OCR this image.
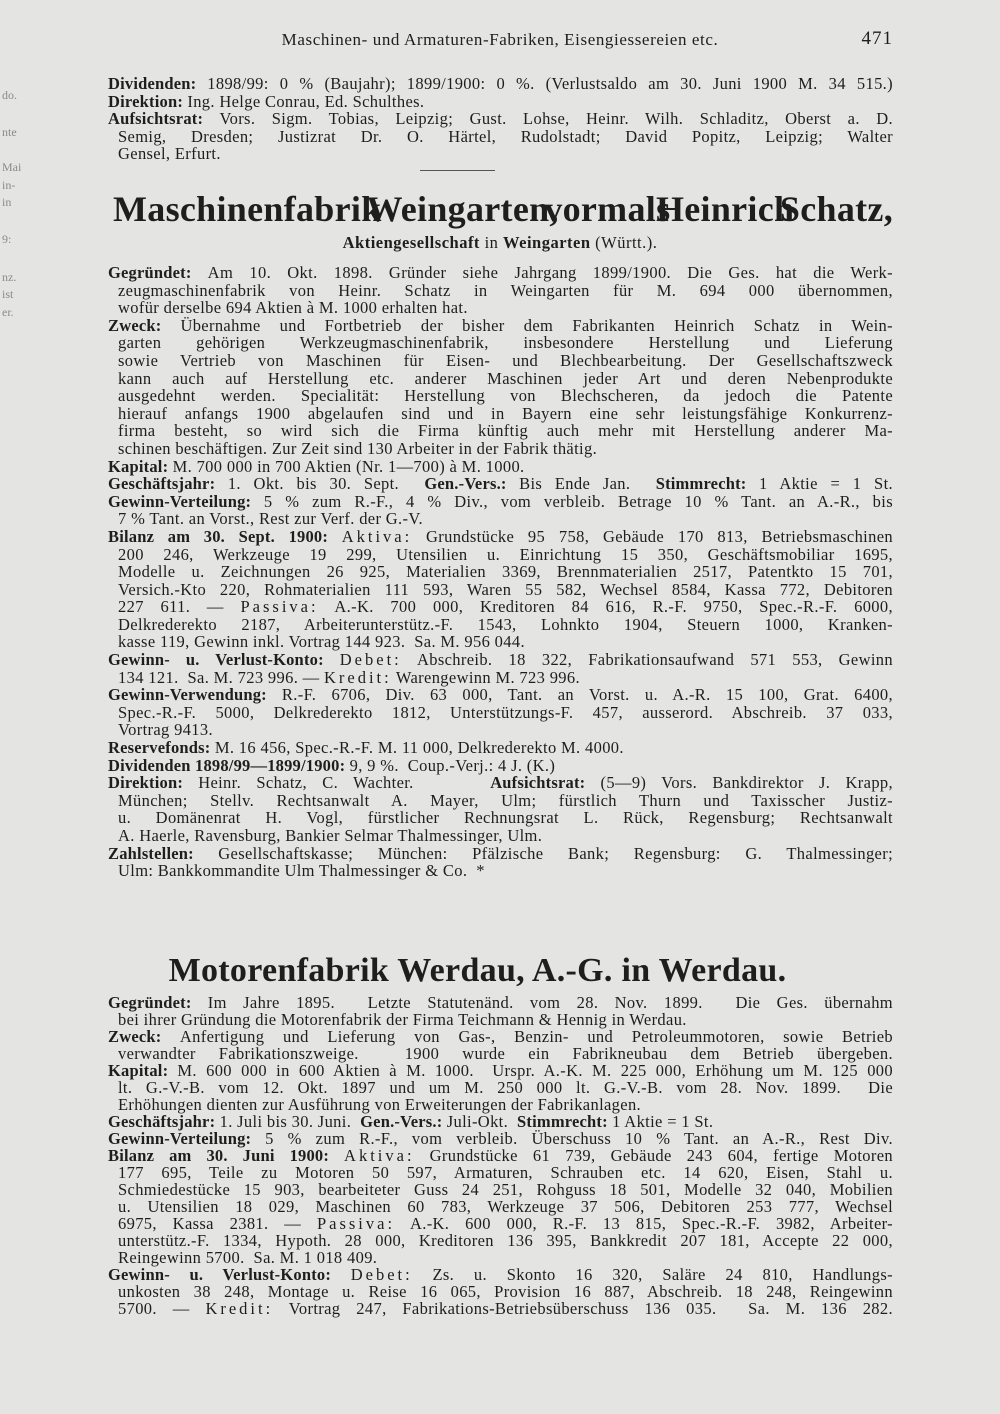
Maschinen- und Armaturen-Fabriken, Eisengiessereien etc.	471
do.
nte
Mai
in-
in
9:
nz.
ist
er.
Dividenden: 1898/99: 0 % (Baujahr); 1899/1900: 0 %. (Verlustsaldo am 30. Juni 1900 M. 34 515.)
Direktion: Ing. Helge Conrau, Ed. Schulthes.
Aufsichtsrat: Vors. Sigm. Tobias, Leipzig; Gust. Lohse, Heinr. Wilh. Schladitz, Oberst a. D.
Semig, Dresden; Justizrat Dr. O. Härtel, Rudolstadt; David Popitz, Leipzig; Walter
Gensel, Erfurt.
Maschinenfabrik Weingarten, vormals Heinrich Schatz,
Aktiengesellschaft in Weingarten (Württ.).
Gegründet: Am 10. Okt. 1898. Gründer siehe Jahrgang 1899/1900. Die Ges. hat die Werk-
zeugmaschinenfabrik von Heinr. Schatz in Weingarten für M. 694 000 übernommen,
wofür derselbe 694 Aktien à M. 1000 erhalten hat.
Zweck: Übernahme und Fortbetrieb der bisher dem Fabrikanten Heinrich Schatz in Wein-
garten gehörigen Werkzeugmaschinenfabrik, insbesondere Herstellung und Lieferung
sowie Vertrieb von Maschinen für Eisen- und Blechbearbeitung. Der Gesellschaftszweck
kann auch auf Herstellung etc. anderer Maschinen jeder Art und deren Nebenprodukte
ausgedehnt werden. Specialität: Herstellung von Blechscheren, da jedoch die Patente
hierauf anfangs 1900 abgelaufen sind und in Bayern eine sehr leistungsfähige Konkurrenz-
firma besteht, so wird sich die Firma künftig auch mehr mit Herstellung anderer Ma-
schinen beschäftigen. Zur Zeit sind 130 Arbeiter in der Fabrik thätig.
Kapital: M. 700 000 in 700 Aktien (Nr. 1—700) à M. 1000.
Geschäftsjahr: 1. Okt. bis 30. Sept.  Gen.-Vers.: Bis Ende Jan.  Stimmrecht: 1 Aktie = 1 St.
Gewinn-Verteilung: 5 % zum R.-F., 4 % Div., vom verbleib. Betrage 10 % Tant. an A.-R., bis
7 % Tant. an Vorst., Rest zur Verf. der G.-V.
Bilanz am 30. Sept. 1900: Aktiva: Grundstücke 95 758, Gebäude 170 813, Betriebsmaschinen
200 246, Werkzeuge 19 299, Utensilien u. Einrichtung 15 350, Geschäftsmobiliar 1695,
Modelle u. Zeichnungen 26 925, Materialien 3369, Brennmaterialien 2517, Patentkto 15 701,
Versich.-Kto 220, Rohmaterialien 111 593, Waren 55 582, Wechsel 8584, Kassa 772, Debitoren
227 611. — Passiva: A.-K. 700 000, Kreditoren 84 616, R.-F. 9750, Spec.-R.-F. 6000,
Delkrederekto 2187, Arbeiterunterstütz.-F. 1543, Lohnkto 1904, Steuern 1000, Kranken-
kasse 119, Gewinn inkl. Vortrag 144 923.  Sa. M. 956 044.
Gewinn- u. Verlust-Konto: Debet: Abschreib. 18 322, Fabrikationsaufwand 571 553, Gewinn
134 121.  Sa. M. 723 996. — Kredit: Warengewinn M. 723 996.
Gewinn-Verwendung: R.-F. 6706, Div. 63 000, Tant. an Vorst. u. A.-R. 15 100, Grat. 6400,
Spec.-R.-F. 5000, Delkrederekto 1812, Unterstützungs-F. 457, ausserord. Abschreib. 37 033,
Vortrag 9413.
Reservefonds: M. 16 456, Spec.-R.-F. M. 11 000, Delkrederekto M. 4000.
Dividenden 1898/99—1899/1900: 9, 9 %.  Coup.-Verj.: 4 J. (K.)
Direktion: Heinr. Schatz, C. Wachter.     Aufsichtsrat: (5—9) Vors. Bankdirektor J. Krapp,
München; Stellv. Rechtsanwalt A. Mayer, Ulm; fürstlich Thurn und Taxisscher Justiz-
u. Domänenrat H. Vogl, fürstlicher Rechnungsrat L. Rück, Regensburg; Rechtsanwalt
A. Haerle, Ravensburg, Bankier Selmar Thalmessinger, Ulm.
Zahlstellen: Gesellschaftskasse; München: Pfälzische Bank; Regensburg: G. Thalmessinger;
Ulm: Bankkommandite Ulm Thalmessinger & Co.  *
Motorenfabrik Werdau, A.-G. in Werdau.
Gegründet: Im Jahre 1895.  Letzte Statutenänd. vom 28. Nov. 1899.  Die Ges. übernahm
bei ihrer Gründung die Motorenfabrik der Firma Teichmann & Hennig in Werdau.
Zweck: Anfertigung und Lieferung von Gas-, Benzin- und Petroleummotoren, sowie Betrieb
verwandter Fabrikationszweige.  1900 wurde ein Fabrikneubau dem Betrieb übergeben.
Kapital: M. 600 000 in 600 Aktien à M. 1000.  Urspr. A.-K. M. 225 000, Erhöhung um M. 125 000
lt. G.-V.-B. vom 12. Okt. 1897 und um M. 250 000 lt. G.-V.-B. vom 28. Nov. 1899.  Die
Erhöhungen dienten zur Ausführung von Erweiterungen der Fabrikanlagen.
Geschäftsjahr: 1. Juli bis 30. Juni.  Gen.-Vers.: Juli-Okt.  Stimmrecht: 1 Aktie = 1 St.
Gewinn-Verteilung: 5 % zum R.-F., vom verbleib. Überschuss 10 % Tant. an A.-R., Rest Div.
Bilanz am 30. Juni 1900: Aktiva: Grundstücke 61 739, Gebäude 243 604, fertige Motoren
177 695, Teile zu Motoren 50 597, Armaturen, Schrauben etc. 14 620, Eisen, Stahl u.
Schmiedestücke 15 903, bearbeiteter Guss 24 251, Rohguss 18 501, Modelle 32 040, Mobilien
u. Utensilien 18 029, Maschinen 60 783, Werkzeuge 37 506, Debitoren 253 777, Wechsel
6975, Kassa 2381. — Passiva: A.-K. 600 000, R.-F. 13 815, Spec.-R.-F. 3982, Arbeiter-
unterstütz.-F. 1334, Hypoth. 28 000, Kreditoren 136 395, Bankkredit 207 181, Accepte 22 000,
Reingewinn 5700.  Sa. M. 1 018 409.
Gewinn- u. Verlust-Konto: Debet: Zs. u. Skonto 16 320, Saläre 24 810, Handlungs-
unkosten 38 248, Montage u. Reise 16 065, Provision 16 887, Abschreib. 18 248, Reingewinn
5700. — Kredit: Vortrag 247, Fabrikations-Betriebsüberschuss 136 035.  Sa. M. 136 282.
